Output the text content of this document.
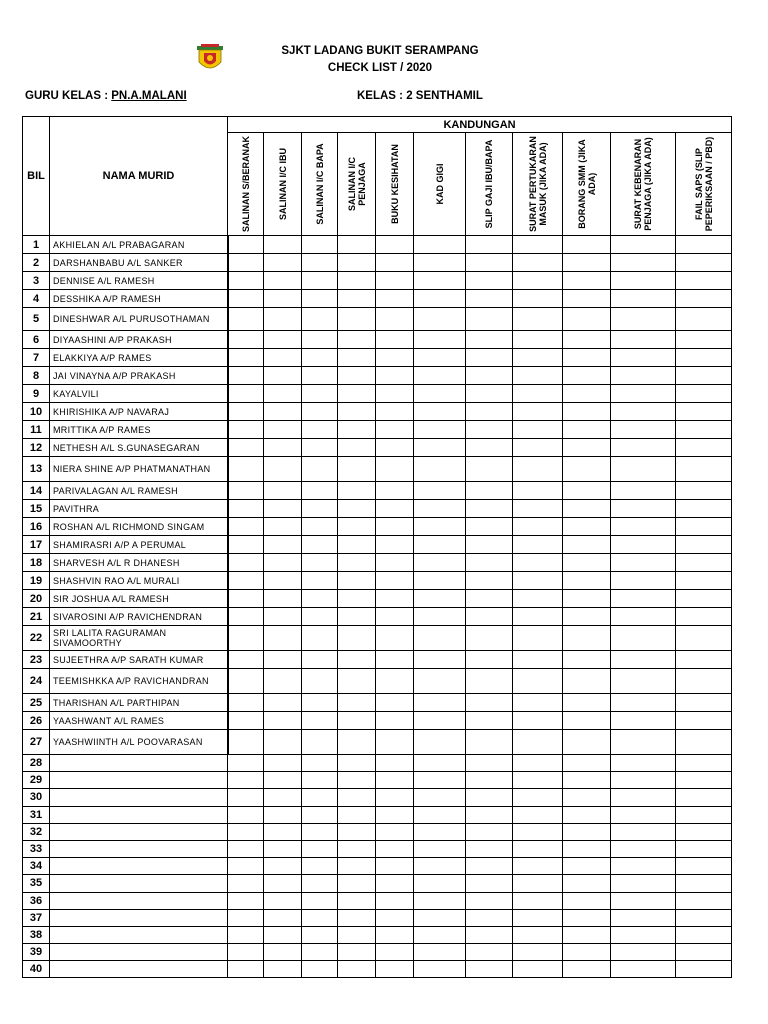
SJKT LADANG BUKIT SERAMPANG
CHECK LIST / 2020
GURU KELAS : PN.A.MALANI	KELAS : 2 SENTHAMIL
BIL	NAMA MURID	KANDUNGAN										

		SALINAN S/BERANAK	SALINAN I/C IBU	SALINAN I/C BAPA	SALINAN I/C PENJAGA	BUKU KESIHATAN	KAD GIGI	SLIP GAJI IBU/BAPA	SURAT PERTUKARAN MASUK (JIKA ADA)	BORANG SMM (JIKA ADA)	SURAT KEBENARAN PENJAGA (JIKA ADA)	FAIL SAPS (SLIP PEPERIKSAAN / PBD)

1	AKHIELAN A/L PRABAGARAN											
2	DARSHANBABU A/L SANKER											
3	DENNISE A/L RAMESH											
4	DESSHIKA A/P RAMESH											
5	DINESHWAR A/L PURUSOTHAMAN											
6	DIYAASHINI A/P PRAKASH											
7	ELAKKIYA A/P RAMES											
8	JAI VINAYNA A/P PRAKASH											
9	KAYALVILI											
10	KHIRISHIKA A/P NAVARAJ											
11	MRITTIKA A/P RAMES											
12	NETHESH A/L S.GUNASEGARAN											
13	NIERA SHINE A/P PHATMANATHAN											
14	PARIVALAGAN A/L RAMESH											
15	PAVITHRA											
16	ROSHAN A/L RICHMOND SINGAM											
17	SHAMIRASRI A/P A PERUMAL											
18	SHARVESH A/L R DHANESH											
19	SHASHVIN RAO A/L MURALI											
20	SIR JOSHUA A/L RAMESH											
21	SIVAROSINI A/P RAVICHENDRAN											
22	SRI LALITA RAGURAMAN SIVAMOORTHY											
23	SUJEETHRA A/P SARATH KUMAR											
24	TEEMISHKKA A/P RAVICHANDRAN											
25	THARISHAN A/L PARTHIPAN											
26	YAASHWANT A/L RAMES											
27	YAASHWIINTH A/L POOVARASAN											
28												
29												
30												
31												
32												
33												
34												
35												
36												
37												
38												
39												
40												
